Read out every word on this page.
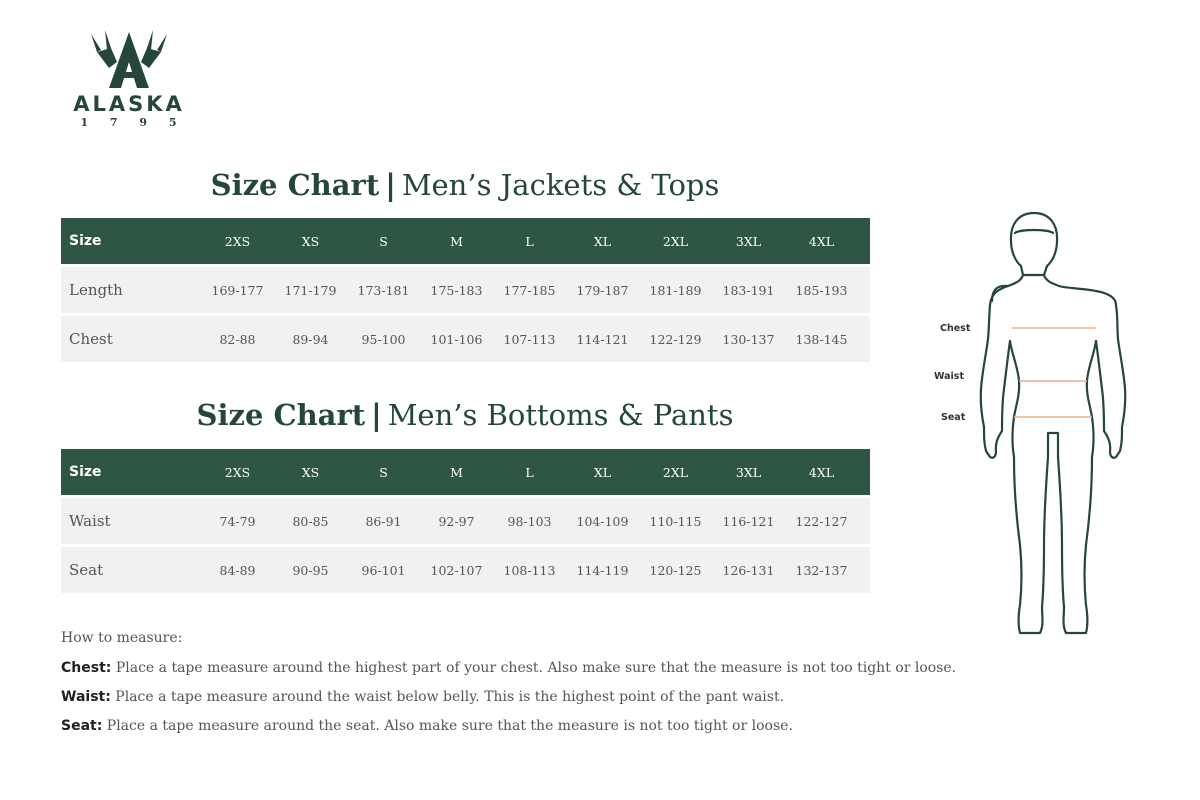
ALASKA
1 7 9 5
Size Chart | Men’s Jackets & Tops
Size	2XS	XS	S	M	L	XL	2XL	3XL	4XL
Length	169-177	171-179	173-181	175-183	177-185	179-187	181-189	183-191	185-193
Chest	82-88	89-94	95-100	101-106	107-113	114-121	122-129	130-137	138-145
Size Chart | Men’s Bottoms & Pants
Size	2XS	XS	S	M	L	XL	2XL	3XL	4XL
Waist	74-79	80-85	86-91	92-97	98-103	104-109	110-115	116-121	122-127
Seat	84-89	90-95	96-101	102-107	108-113	114-119	120-125	126-131	132-137
How to measure:
Chest: Place a tape measure around the highest part of your chest. Also make sure that the measure is not too tight or loose.
Waist: Place a tape measure around the waist below belly. This is the highest point of the pant waist.
Seat: Place a tape measure around the seat. Also make sure that the measure is not too tight or loose.
Chest
Waist
Seat
